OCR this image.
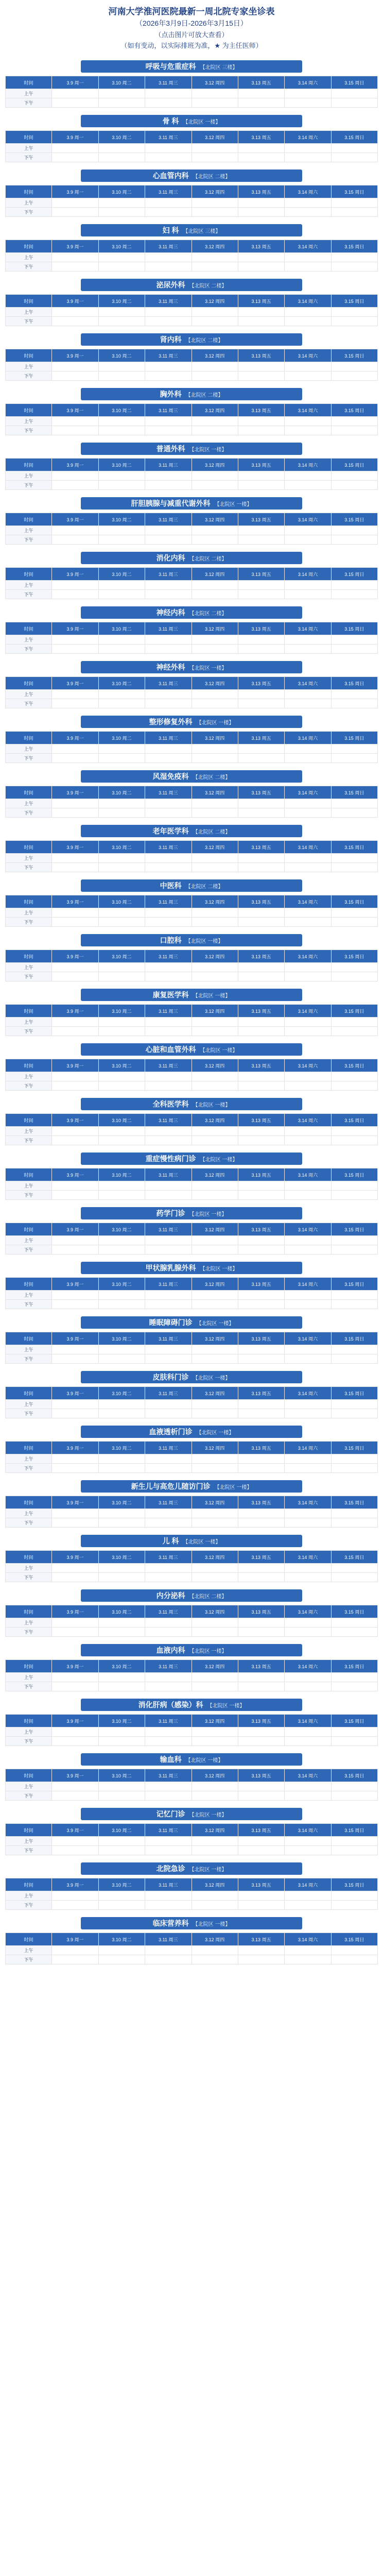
河南大学淮河医院最新一周北院专家坐诊表
（2026年3月9日-2026年3月15日）
（点击图片可放大查看）
（如有变动，以实际排班为准，★ 为主任医师）
呼吸与危重症科 【北院区 三楼】
时间	3.9 周一	3.10 周二	3.11 周三	3.12 周四	3.13 周五	3.14 周六	3.15 周日
上午							
下午							
骨 科 【北院区 一楼】
时间	3.9 周一	3.10 周二	3.11 周三	3.12 周四	3.13 周五	3.14 周六	3.15 周日
上午							
下午							
心血管内科 【北院区 二楼】
时间	3.9 周一	3.10 周二	3.11 周三	3.12 周四	3.13 周五	3.14 周六	3.15 周日
上午							
下午							
妇 科 【北院区 三楼】
时间	3.9 周一	3.10 周二	3.11 周三	3.12 周四	3.13 周五	3.14 周六	3.15 周日
上午							
下午							
泌尿外科 【北院区 二楼】
时间	3.9 周一	3.10 周二	3.11 周三	3.12 周四	3.13 周五	3.14 周六	3.15 周日
上午							
下午							
肾内科 【北院区 二楼】
时间	3.9 周一	3.10 周二	3.11 周三	3.12 周四	3.13 周五	3.14 周六	3.15 周日
上午							
下午							
胸外科 【北院区 二楼】
时间	3.9 周一	3.10 周二	3.11 周三	3.12 周四	3.13 周五	3.14 周六	3.15 周日
上午							
下午							
普通外科 【北院区 一楼】
时间	3.9 周一	3.10 周二	3.11 周三	3.12 周四	3.13 周五	3.14 周六	3.15 周日
上午							
下午							
肝胆胰腺与减重代谢外科 【北院区 一楼】
时间	3.9 周一	3.10 周二	3.11 周三	3.12 周四	3.13 周五	3.14 周六	3.15 周日
上午							
下午							
消化内科 【北院区 二楼】
时间	3.9 周一	3.10 周二	3.11 周三	3.12 周四	3.13 周五	3.14 周六	3.15 周日
上午							
下午							
神经内科 【北院区 二楼】
时间	3.9 周一	3.10 周二	3.11 周三	3.12 周四	3.13 周五	3.14 周六	3.15 周日
上午							
下午							
神经外科 【北院区 一楼】
时间	3.9 周一	3.10 周二	3.11 周三	3.12 周四	3.13 周五	3.14 周六	3.15 周日
上午							
下午							
整形修复外科 【北院区 一楼】
时间	3.9 周一	3.10 周二	3.11 周三	3.12 周四	3.13 周五	3.14 周六	3.15 周日
上午							
下午							
风湿免疫科 【北院区 二楼】
时间	3.9 周一	3.10 周二	3.11 周三	3.12 周四	3.13 周五	3.14 周六	3.15 周日
上午							
下午							
老年医学科 【北院区 二楼】
时间	3.9 周一	3.10 周二	3.11 周三	3.12 周四	3.13 周五	3.14 周六	3.15 周日
上午							
下午							
中医科 【北院区 二楼】
时间	3.9 周一	3.10 周二	3.11 周三	3.12 周四	3.13 周五	3.14 周六	3.15 周日
上午							
下午							
口腔科 【北院区 一楼】
时间	3.9 周一	3.10 周二	3.11 周三	3.12 周四	3.13 周五	3.14 周六	3.15 周日
上午							
下午							
康复医学科 【北院区 一楼】
时间	3.9 周一	3.10 周二	3.11 周三	3.12 周四	3.13 周五	3.14 周六	3.15 周日
上午							
下午							
心脏和血管外科 【北院区 一楼】
时间	3.9 周一	3.10 周二	3.11 周三	3.12 周四	3.13 周五	3.14 周六	3.15 周日
上午							
下午							
全科医学科 【北院区 一楼】
时间	3.9 周一	3.10 周二	3.11 周三	3.12 周四	3.13 周五	3.14 周六	3.15 周日
上午							
下午							
重症慢性病门诊 【北院区 一楼】
时间	3.9 周一	3.10 周二	3.11 周三	3.12 周四	3.13 周五	3.14 周六	3.15 周日
上午							
下午							
药学门诊 【北院区 一楼】
时间	3.9 周一	3.10 周二	3.11 周三	3.12 周四	3.13 周五	3.14 周六	3.15 周日
上午							
下午							
甲状腺乳腺外科 【北院区 一楼】
时间	3.9 周一	3.10 周二	3.11 周三	3.12 周四	3.13 周五	3.14 周六	3.15 周日
上午							
下午							
睡眠障碍门诊 【北院区 一楼】
时间	3.9 周一	3.10 周二	3.11 周三	3.12 周四	3.13 周五	3.14 周六	3.15 周日
上午							
下午							
皮肤科门诊 【北院区 一楼】
时间	3.9 周一	3.10 周二	3.11 周三	3.12 周四	3.13 周五	3.14 周六	3.15 周日
上午							
下午							
血液透析门诊 【北院区 一楼】
时间	3.9 周一	3.10 周二	3.11 周三	3.12 周四	3.13 周五	3.14 周六	3.15 周日
上午							
下午							
新生儿与高危儿随访门诊 【北院区 一楼】
时间	3.9 周一	3.10 周二	3.11 周三	3.12 周四	3.13 周五	3.14 周六	3.15 周日
上午							
下午							
儿 科 【北院区 一楼】
时间	3.9 周一	3.10 周二	3.11 周三	3.12 周四	3.13 周五	3.14 周六	3.15 周日
上午							
下午							
内分泌科 【北院区 二楼】
时间	3.9 周一	3.10 周二	3.11 周三	3.12 周四	3.13 周五	3.14 周六	3.15 周日
上午							
下午							
血液内科 【北院区 一楼】
时间	3.9 周一	3.10 周二	3.11 周三	3.12 周四	3.13 周五	3.14 周六	3.15 周日
上午							
下午							
消化肝病（感染）科 【北院区 一楼】
时间	3.9 周一	3.10 周二	3.11 周三	3.12 周四	3.13 周五	3.14 周六	3.15 周日
上午							
下午							
输血科 【北院区 一楼】
时间	3.9 周一	3.10 周二	3.11 周三	3.12 周四	3.13 周五	3.14 周六	3.15 周日
上午							
下午							
记忆门诊 【北院区 一楼】
时间	3.9 周一	3.10 周二	3.11 周三	3.12 周四	3.13 周五	3.14 周六	3.15 周日
上午							
下午							
北院急诊 【北院区 一楼】
时间	3.9 周一	3.10 周二	3.11 周三	3.12 周四	3.13 周五	3.14 周六	3.15 周日
上午							
下午							
临床营养科 【北院区 一楼】
时间	3.9 周一	3.10 周二	3.11 周三	3.12 周四	3.13 周五	3.14 周六	3.15 周日
上午							
下午							
